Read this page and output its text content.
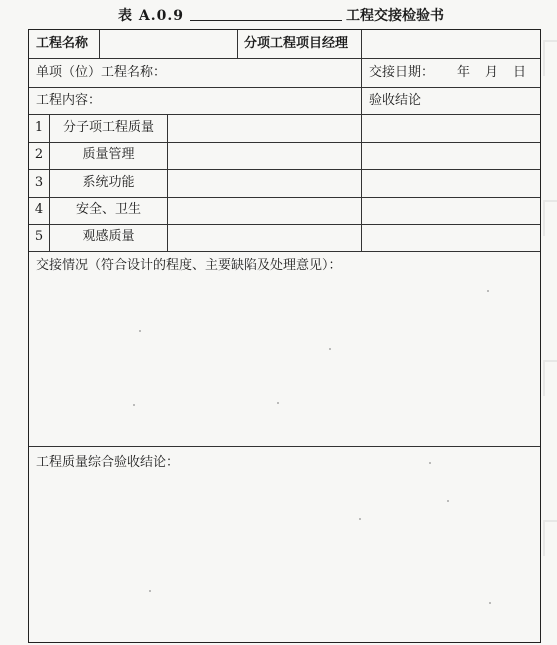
表 A.0.9	工程交接检验书
工程名称	分项工程项目经理
单项（位）工程名称：	交接日期： 年 月 日
工程内容：	验收结论
1	分子项工程质量
2	质量管理
3	系统功能
4	安全、卫生
5	观感质量
交接情况（符合设计的程度、主要缺陷及处理意见）：
工程质量综合验收结论：
